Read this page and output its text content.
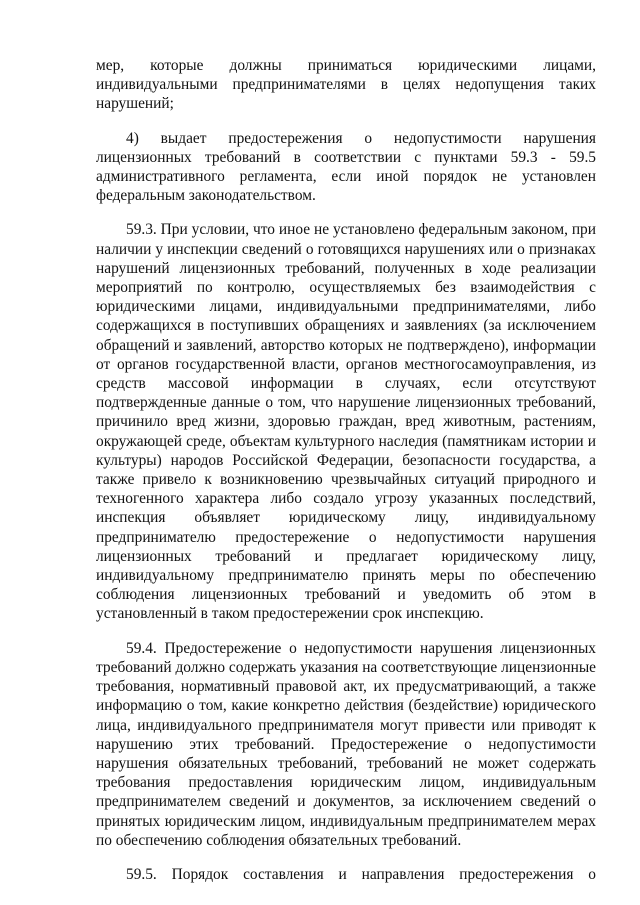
мер, которые должны приниматься юридическими лицами, индивидуальными предпринимателями в целях недопущения таких нарушений;

4) выдает предостережения о недопустимости нарушения лицензионных требований в соответствии с пунктами 59.3 - 59.5 административного регламента, если иной порядок не установлен федеральным законодательством.

59.3. При условии, что иное не установлено федеральным законом, при наличии у инспекции сведений о готовящихся нарушениях или о признаках нарушений лицензионных требований, полученных в ходе реализации мероприятий по контролю, осуществляемых без взаимодействия с юридическими лицами, индивидуальными предпринимателями, либо содержащихся в поступивших обращениях и заявлениях (за исключением обращений и заявлений, авторство которых не подтверждено), информации от органов государственной власти, органов местногосамоуправления, из средств массовой информации в случаях, если отсутствуют подтвержденные данные о том, что нарушение лицензионных требований, причинило вред жизни, здоровью граждан, вред животным, растениям, окружающей среде, объектам культурного наследия (памятникам истории и культуры) народов Российской Федерации, безопасности государства, а также привело к возникновению чрезвычайных ситуаций природного и техногенного характера либо создало угрозу указанных последствий, инспекция объявляет юридическому лицу, индивидуальному предпринимателю предостережение о недопустимости нарушения лицензионных требований и предлагает юридическому лицу, индивидуальному предпринимателю принять меры по обеспечению соблюдения лицензионных требований и уведомить об этом в установленный в таком предостережении срок инспекцию.

59.4. Предостережение о недопустимости нарушения лицензионных требований должно содержать указания на соответствующие лицензионные требования, нормативный правовой акт, их предусматривающий, а также информацию о том, какие конкретно действия (бездействие) юридического лица, индивидуального предпринимателя могут привести или приводят к нарушению этих требований. Предостережение о недопустимости нарушения обязательных требований, требований не может содержать требования предоставления юридическим лицом, индивидуальным предпринимателем сведений и документов, за исключением сведений о принятых юридическим лицом, индивидуальным предпринимателем мерах по обеспечению соблюдения обязательных требований.

59.5. Порядок составления и направления предостережения о
